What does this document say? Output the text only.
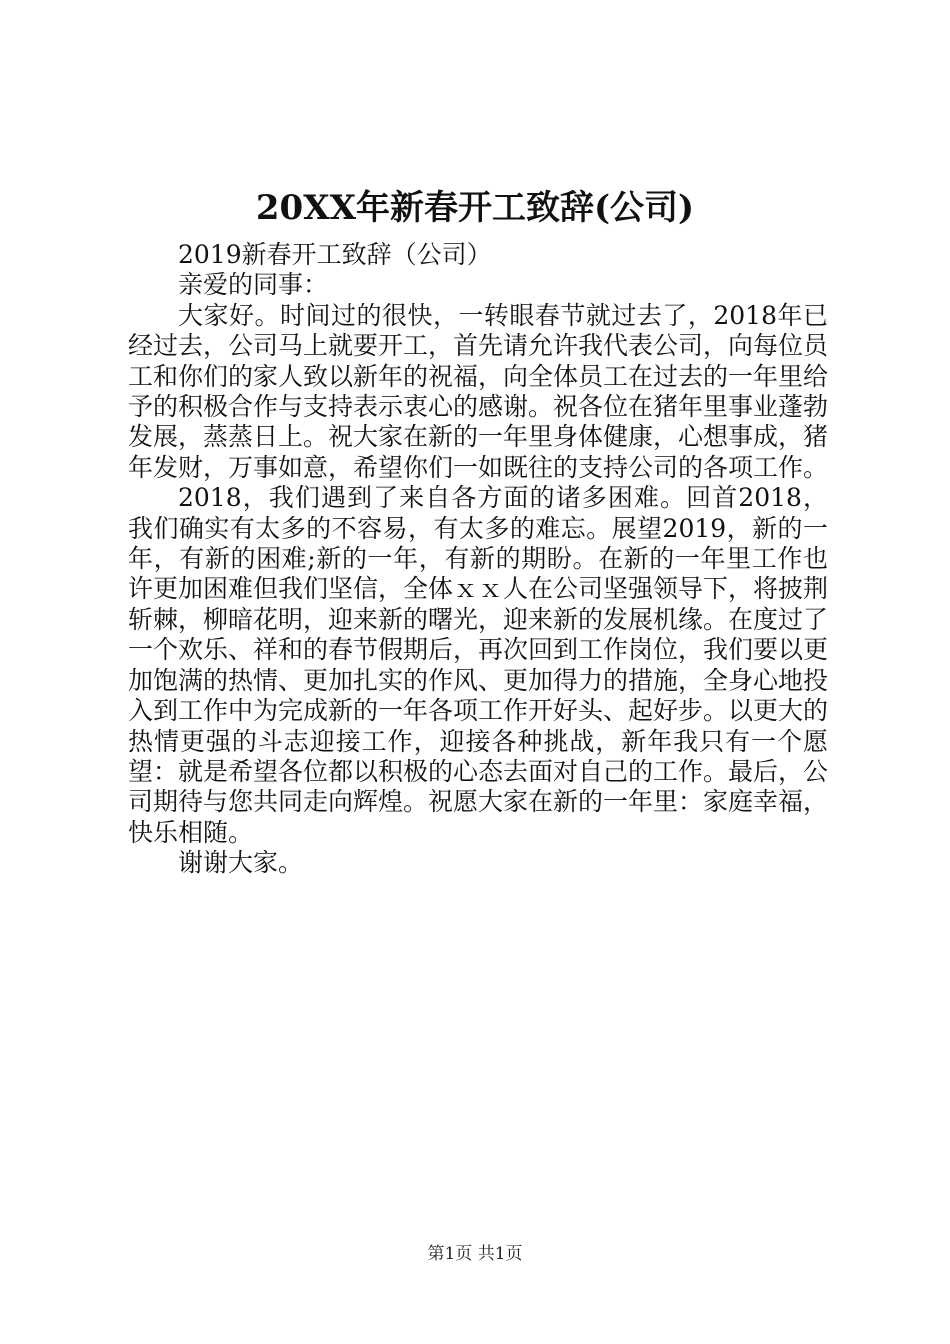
20XX年新春开工致辞(公司)

2019新春开工致辞（公司）

亲爱的同事：

大家好。时间过的很快，一转眼春节就过去了，2018年已经过去，公司马上就要开工，首先请允许我代表公司，向每位员工和你们的家人致以新年的祝福，向全体员工在过去的一年里给予的积极合作与支持表示衷心的感谢。祝各位在猪年里事业蓬勃发展，蒸蒸日上。祝大家在新的一年里身体健康，心想事成，猪年发财，万事如意，希望你们一如既往的支持公司的各项工作。

2018，我们遇到了来自各方面的诸多困难。回首2018，我们确实有太多的不容易，有太多的难忘。展望2019，新的一年，有新的困难;新的一年，有新的期盼。在新的一年里工作也许更加困难但我们坚信，全体ｘｘ人在公司坚强领导下，将披荆斩棘，柳暗花明，迎来新的曙光，迎来新的发展机缘。在度过了一个欢乐、祥和的春节假期后，再次回到工作岗位，我们要以更加饱满的热情、更加扎实的作风、更加得力的措施，全身心地投入到工作中为完成新的一年各项工作开好头、起好步。以更大的热情更强的斗志迎接工作，迎接各种挑战，新年我只有一个愿望：就是希望各位都以积极的心态去面对自己的工作。最后，公司期待与您共同走向辉煌。祝愿大家在新的一年里：家庭幸福，快乐相随。

谢谢大家。

第1页 共1页
